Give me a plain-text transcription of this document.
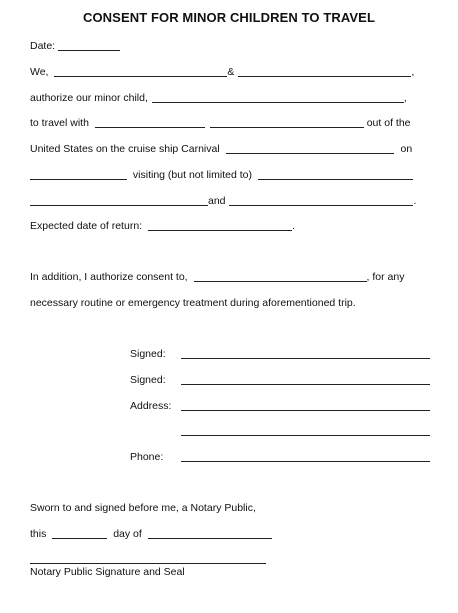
CONSENT FOR MINOR CHILDREN TO TRAVEL
Date:
We,	&	,
authorize our minor child,	,
to travel with	out of the
United States on the cruise ship Carnival	on
visiting (but not limited to)
and	.
Expected date of return:	.
In addition, I authorize consent to,	, for any
necessary routine or emergency treatment during aforementioned trip.
Signed:
Signed:
Address:
Phone:
Sworn to and signed before me, a Notary Public,
this	day of
Notary Public Signature and Seal
